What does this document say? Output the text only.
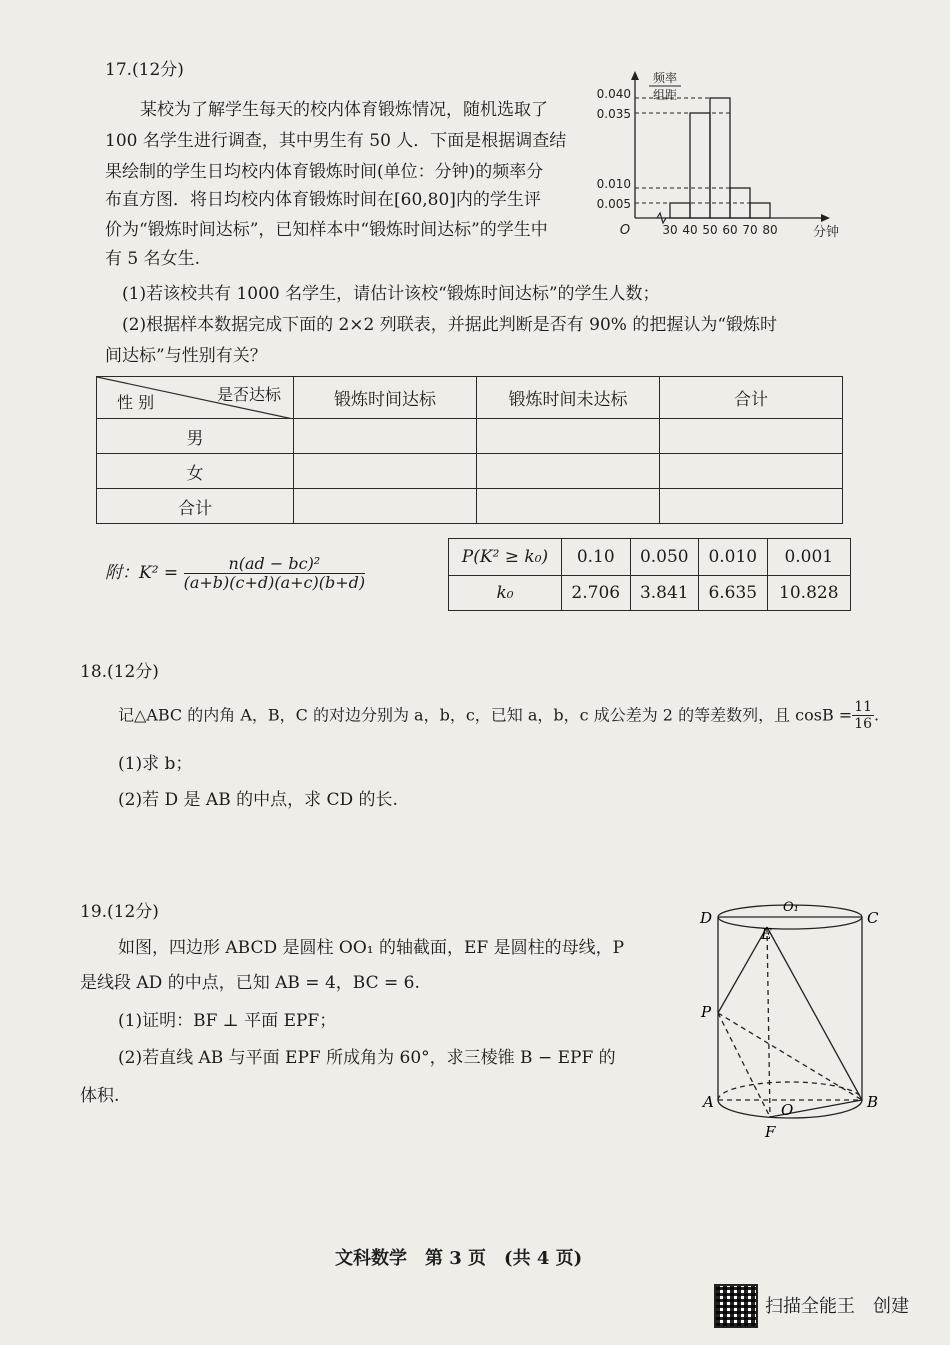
17.(12分)
某校为了解学生每天的校内体育锻炼情况，随机选取了
100 名学生进行调查，其中男生有 50 人．下面是根据调查结
果绘制的学生日均校内体育锻炼时间(单位：分钟)的频率分
布直方图．将日均校内体育锻炼时间在[60,80]内的学生评
价为“锻炼时间达标”，已知样本中“锻炼时间达标”的学生中
有 5 名女生.
0.005
0.010
0.035
0.040
30 40 50 60 70 80
O	分钟
频率
组距
(1)若该校共有 1000 名学生，请估计该校“锻炼时间达标”的学生人数；
(2)根据样本数据完成下面的 2×2 列联表，并据此判断是否有 90% 的把握认为“锻炼时
间达标”与性别有关？
是否达标
性 别	锻炼时间达标	锻炼时间未达标	合计
男			
女			
合计			
附：$K^2 = \frac{\text{n(ad − bc)²}}{(a+b)(c+d)(a+c)(b+d)}$	P(K² ≥ k₀)	0.10	0.050	0.010	0.001
k₀	2.706	3.841	6.635	10.828
18.(12分)
记△ABC 的内角 A，B，C 的对边分别为 a，b，c，已知 a，b，c 成公差为 2 的等差数列，且 $\cos B = \frac{11}{16}$ .
(1)求 b；
(2)若 D 是 AB 的中点，求 CD 的长.
19.(12分)
如图，四边形 ABCD 是圆柱 OO₁ 的轴截面，EF 是圆柱的母线，P
是线段 AD 的中点，已知 AB = 4，BC = 6.
(1)证明：BF ⊥ 平面 EPF；
(2)若直线 AB 与平面 EPF 所成角为 60°，求三棱锥 B − EPF 的
体积.
D	C
O₁
E
P
A	O	B
F
文科数学　第 3 页　(共 4 页)
扫描全能王　创建
